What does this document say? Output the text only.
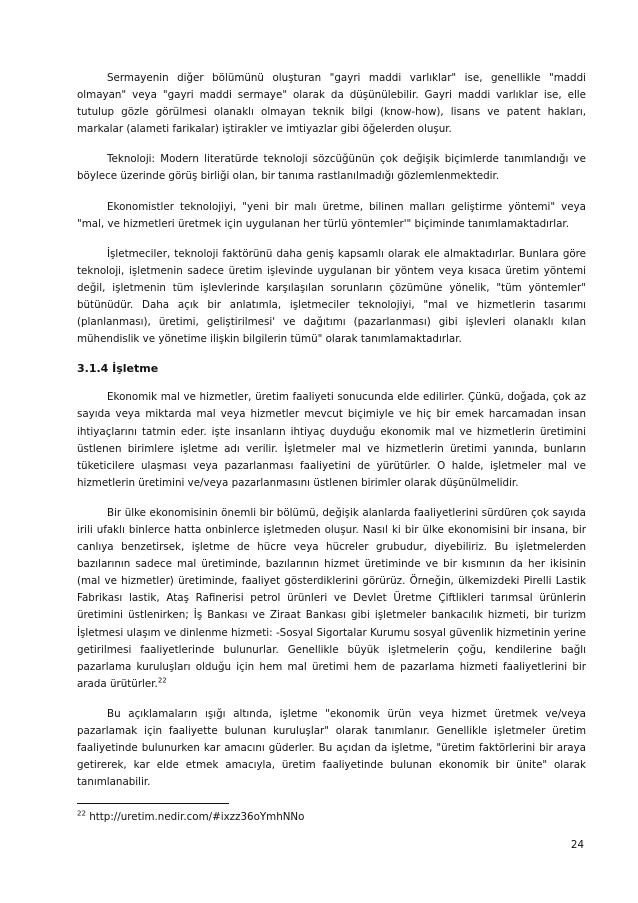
Sermayenin diğer bölümünü oluşturan "gayri maddi varlıklar" ise, genellikle "maddi olmayan" veya "gayri maddi sermaye" olarak da düşünülebilir. Gayri maddi varlıklar ise, elle tutulup gözle görülmesi olanaklı olmayan teknik bilgi (know-how), lisans ve patent hakları, markalar (alameti farikalar) iştirakler ve imtiyazlar gibi öğelerden oluşur.

Teknoloji: Modern literatürde teknoloji sözcüğünün çok değişik biçimlerde tanımlandığı ve böylece üzerinde görüş birliği olan, bir tanıma rastlanılmadığı gözlemlenmektedir.

Ekonomistler teknolojiyi, "yeni bir malı üretme, bilinen malları geliştirme yöntemi" veya "mal, ve hizmetleri üretmek için uygulanan her türlü yöntemler'" biçiminde tanımlamaktadırlar.

İşletmeciler, teknoloji faktörünü daha geniş kapsamlı olarak ele almaktadırlar. Bunlara göre teknoloji, işletmenin sadece üretim işlevinde uygulanan bir yöntem veya kısaca üretim yöntemi değil, işletmenin tüm işlevlerinde karşılaşılan sorunların çözümüne yönelik, "tüm yöntemler" bütünüdür. Daha açık bir anlatımla, işletmeciler teknolojiyi, "mal ve hizmetlerin tasarımı (planlanması), üretimi, geliştirilmesi' ve dağıtımı (pazarlanması) gibi işlevleri olanaklı kılan mühendislik ve yönetime ilişkin bilgilerin tümü" olarak tanımlamaktadırlar.

3.1.4 İşletme

Ekonomik mal ve hizmetler, üretim faaliyeti sonucunda elde edilirler. Çünkü, doğada, çok az sayıda veya miktarda mal veya hizmetler mevcut biçimiyle ve hiç bir emek harcamadan insan ihtiyaçlarını tatmin eder. işte insanların ihtiyaç duyduğu ekonomik mal ve hizmetlerin üretimini üstlenen birimlere işletme adı verilir. İşletmeler mal ve hizmetlerin üretimi yanında, bunların tüketicilere ulaşması veya pazarlanması faaliyetini de yürütürler. O halde, işletmeler mal ve hizmetlerin üretimini ve/veya pazarlanmasını üstlenen birimler olarak düşünülmelidir.

Bir ülke ekonomisinin önemli bir bölümü, değişik alanlarda faaliyetlerini sürdüren çok sayıda irili ufaklı binlerce hatta onbinlerce işletmeden oluşur. Nasıl ki bir ülke ekonomisini bir insana, bir canlıya benzetirsek, işletme de hücre veya hücreler grubudur, diyebiliriz. Bu işletmelerden bazılarının sadece mal üretiminde, bazılarının hizmet üretiminde ve bir kısmının da her ikisinin (mal ve hizmetler) üretiminde, faaliyet gösterdiklerini görürüz. Örneğin, ülkemizdeki Pirelli Lastik Fabrikası lastik, Ataş Rafinerisi petrol ürünleri ve Devlet Üretme Çiftlikleri tarımsal ürünlerin üretimini üstlenirken; İş Bankası ve Ziraat Bankası gibi işletmeler bankacılık hizmeti, bir turizm İşletmesi ulaşım ve dinlenme hizmeti: -Sosyal Sigortalar Kurumu sosyal güvenlik hizmetinin yerine getirilmesi faaliyetlerinde bulunurlar. Genellikle büyük işletmelerin çoğu, kendilerine bağlı pazarlama kuruluşları olduğu için hem mal üretimi hem de pazarlama hizmeti faaliyetlerini bir arada ürütürler.$^{22}$

Bu açıklamaların ışığı altında, işletme "ekonomik ürün veya hizmet üretmek ve/veya pazarlamak için faaliyette bulunan kuruluşlar" olarak tanımlanır. Genellikle işletmeler üretim faaliyetinde bulunurken kar amacını güderler. Bu açıdan da işletme, "üretim faktörlerini bir araya getirerek, kar elde etmek amacıyla, üretim faaliyetinde bulunan ekonomik bir ünite" olarak tanımlanabilir.

$^{22}$ http://uretim.nedir.com/#ixzz36oYmhNNo
24
